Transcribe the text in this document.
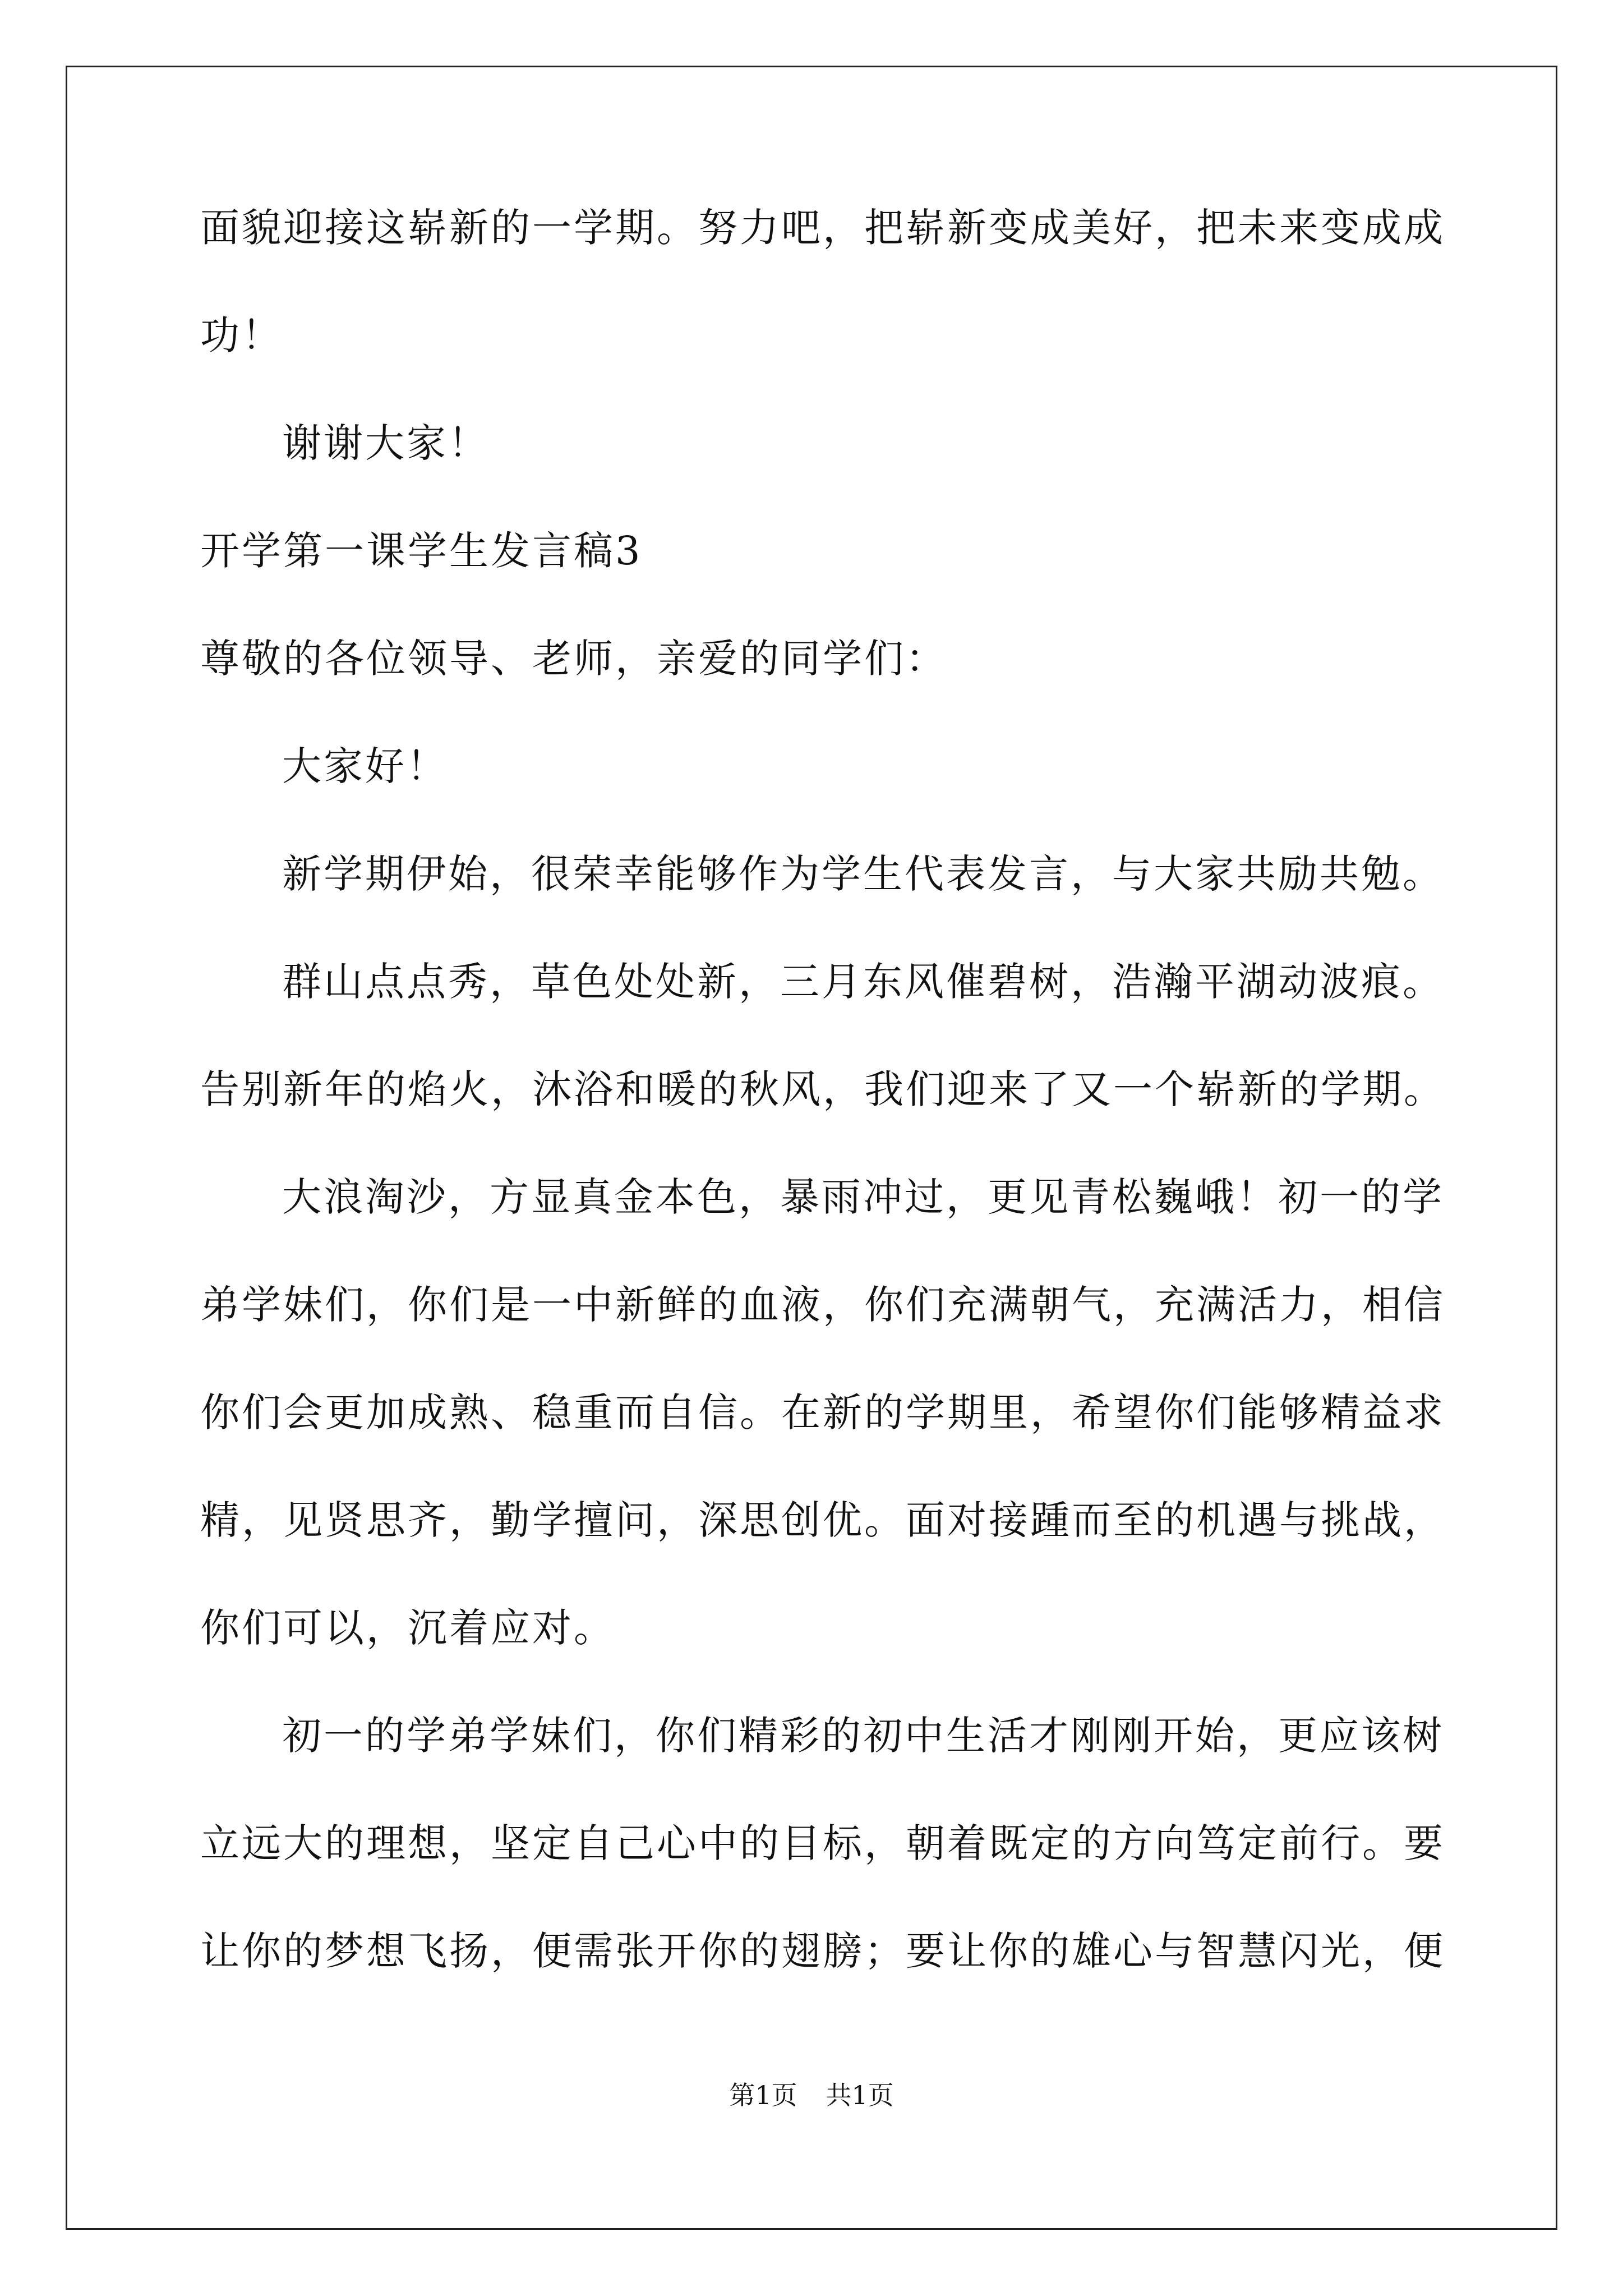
面貌迎接这崭新的一学期。努力吧，把崭新变成美好，把未来变成成

功！

谢谢大家！

开学第一课学生发言稿3

尊敬的各位领导、老师，亲爱的同学们：

大家好！

新学期伊始，很荣幸能够作为学生代表发言，与大家共励共勉。

群山点点秀，草色处处新，三月东风催碧树，浩瀚平湖动波痕。

告别新年的焰火，沐浴和暖的秋风，我们迎来了又一个崭新的学期。

大浪淘沙，方显真金本色，暴雨冲过，更见青松巍峨！初一的学

弟学妹们，你们是一中新鲜的血液，你们充满朝气，充满活力，相信

你们会更加成熟、稳重而自信。在新的学期里，希望你们能够精益求

精，见贤思齐，勤学擅问，深思创优。面对接踵而至的机遇与挑战，

你们可以，沉着应对。

初一的学弟学妹们，你们精彩的初中生活才刚刚开始，更应该树

立远大的理想，坚定自己心中的目标，朝着既定的方向笃定前行。要

让你的梦想飞扬，便需张开你的翅膀；要让你的雄心与智慧闪光，便

第1页 共1页
